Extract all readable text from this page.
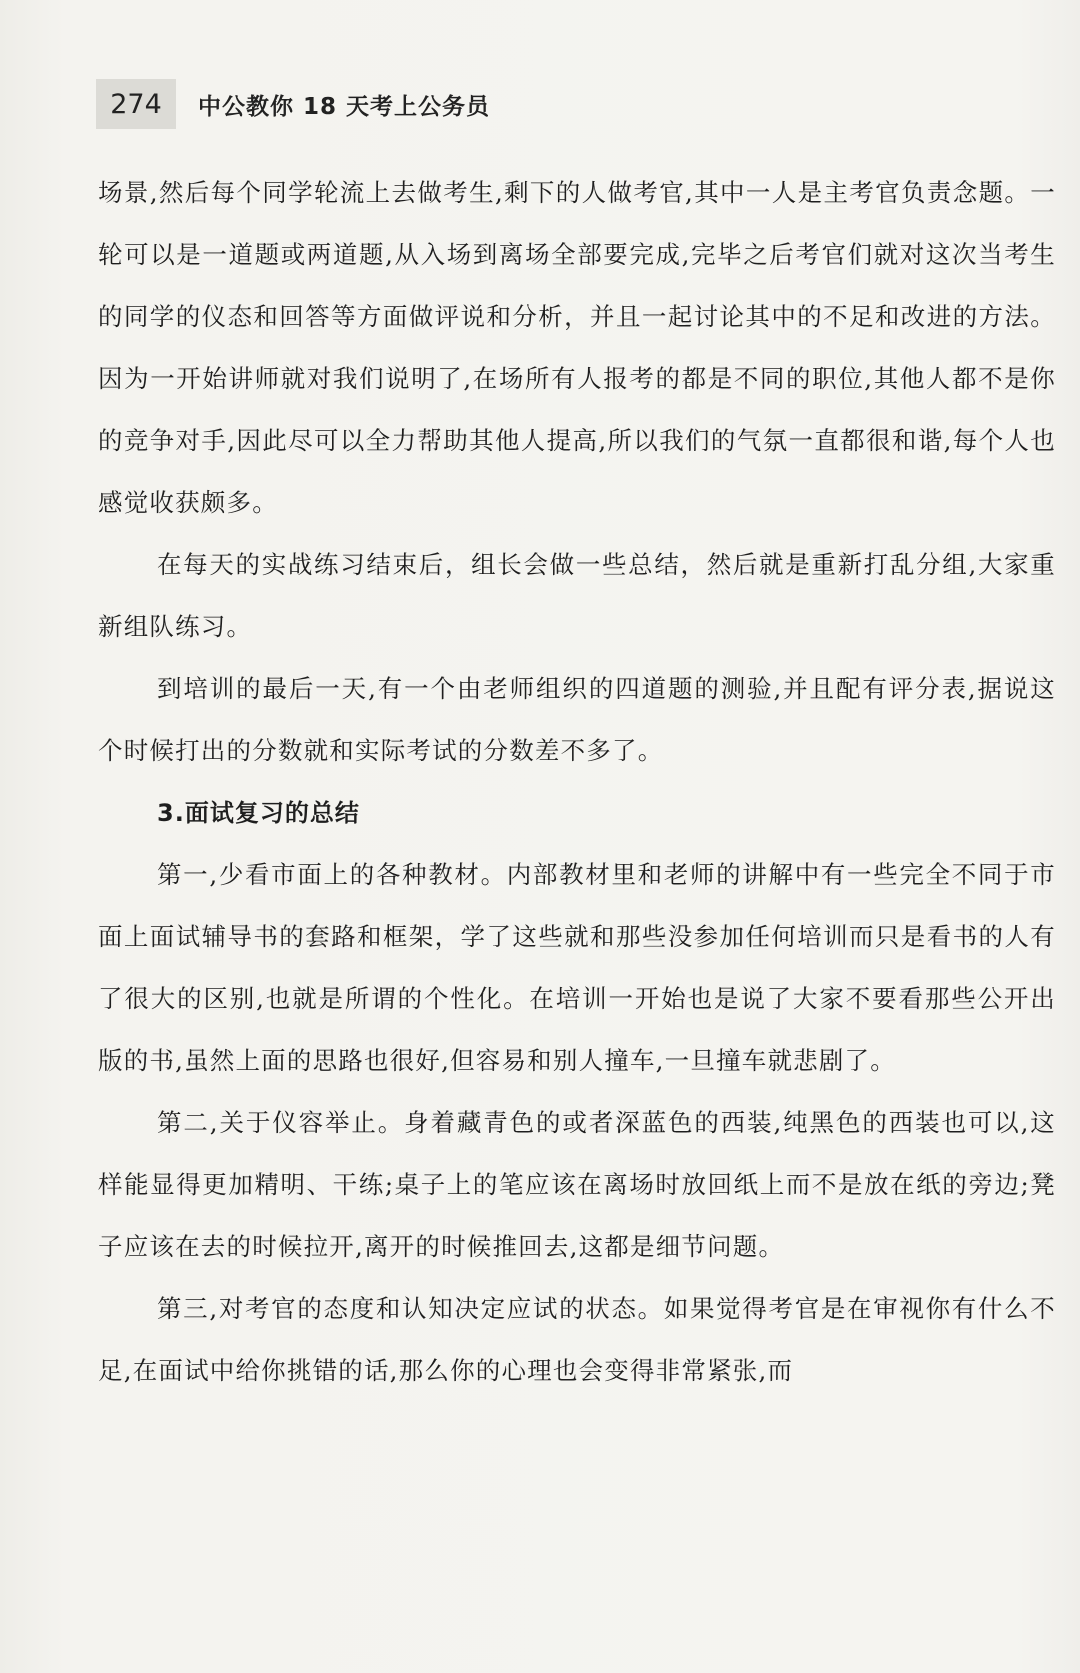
274 中公教你 18 天考上公务员

场景,然后每个同学轮流上去做考生,剩下的人做考官,其中一人是主考官负责念题。一轮可以是一道题或两道题,从入场到离场全部要完成,完毕之后考官们就对这次当考生的同学的仪态和回答等方面做评说和分析，并且一起讨论其中的不足和改进的方法。因为一开始讲师就对我们说明了,在场所有人报考的都是不同的职位,其他人都不是你的竞争对手,因此尽可以全力帮助其他人提高,所以我们的气氛一直都很和谐,每个人也感觉收获颇多。

在每天的实战练习结束后，组长会做一些总结，然后就是重新打乱分组,大家重新组队练习。

到培训的最后一天,有一个由老师组织的四道题的测验,并且配有评分表,据说这个时候打出的分数就和实际考试的分数差不多了。

3.面试复习的总结

第一,少看市面上的各种教材。内部教材里和老师的讲解中有一些完全不同于市面上面试辅导书的套路和框架，学了这些就和那些没参加任何培训而只是看书的人有了很大的区别,也就是所谓的个性化。在培训一开始也是说了大家不要看那些公开出版的书,虽然上面的思路也很好,但容易和别人撞车,一旦撞车就悲剧了。

第二,关于仪容举止。身着藏青色的或者深蓝色的西装,纯黑色的西装也可以,这样能显得更加精明、干练;桌子上的笔应该在离场时放回纸上而不是放在纸的旁边;凳子应该在去的时候拉开,离开的时候推回去,这都是细节问题。

第三,对考官的态度和认知决定应试的状态。如果觉得考官是在审视你有什么不足,在面试中给你挑错的话,那么你的心理也会变得非常紧张,而
